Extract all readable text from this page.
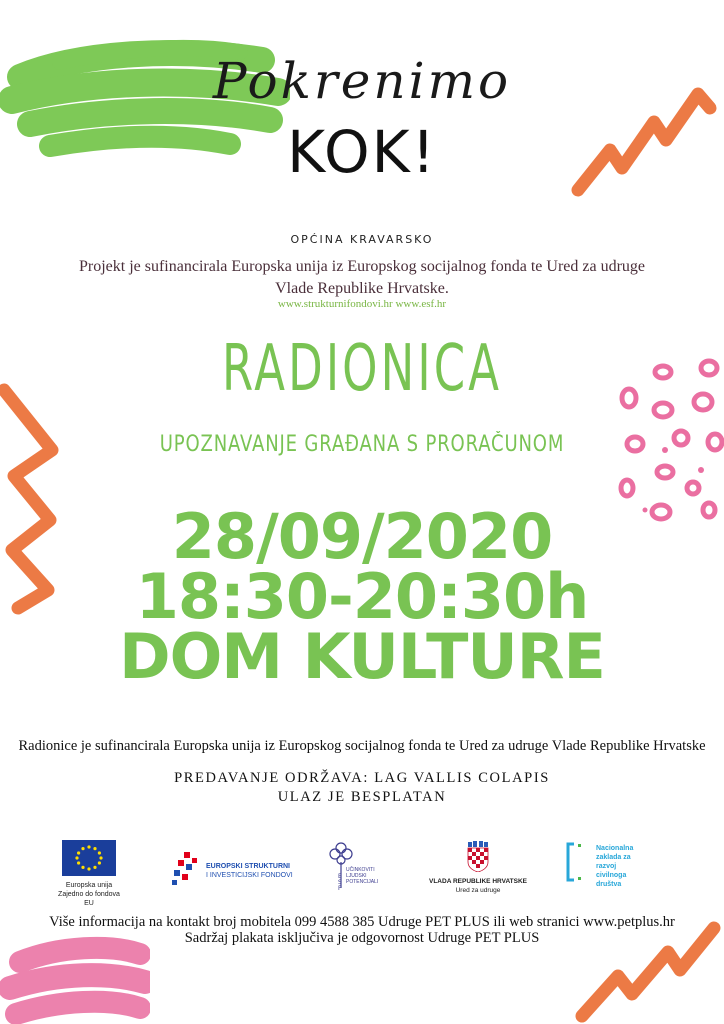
Pokrenimo
KOK!
OPĆINA KRAVARSKO
Projekt je sufinancirala Europska unija iz Europskog socijalnog fonda te Ured za udruge Vlade Republike Hrvatske.
www.strukturnifondovi.hr www.esf.hr
RADIONICA
UPOZNAVANJE GRAĐANA S PRORAČUNOM
28/09/2020
18:30-20:30h
DOM KULTURE
Radionice je sufinancirala Europska unija iz Europskog socijalnog fonda te Ured za udruge Vlade Republike Hrvatske
PREDAVANJE ODRŽAVA: LAG VALLIS COLAPIS
ULAZ JE BESPLATAN
Europska unija
Zajedno do fondova EU
EUROPSKI STRUKTURNI
I INVESTICIJSKI FONDOVI	E
S
F
UČINKOVITI
LJUDSKI
POTENCIJALI	VLADA REPUBLIKE HRVATSKE
Ured za udruge
Nacionalna
zaklada za
razvoj
civilnoga
društva
Više informacija na kontakt broj mobitela 099 4588 385 Udruge PET PLUS ili web stranici www.petplus.hr
Sadržaj plakata isključiva je odgovornost Udruge PET PLUS
